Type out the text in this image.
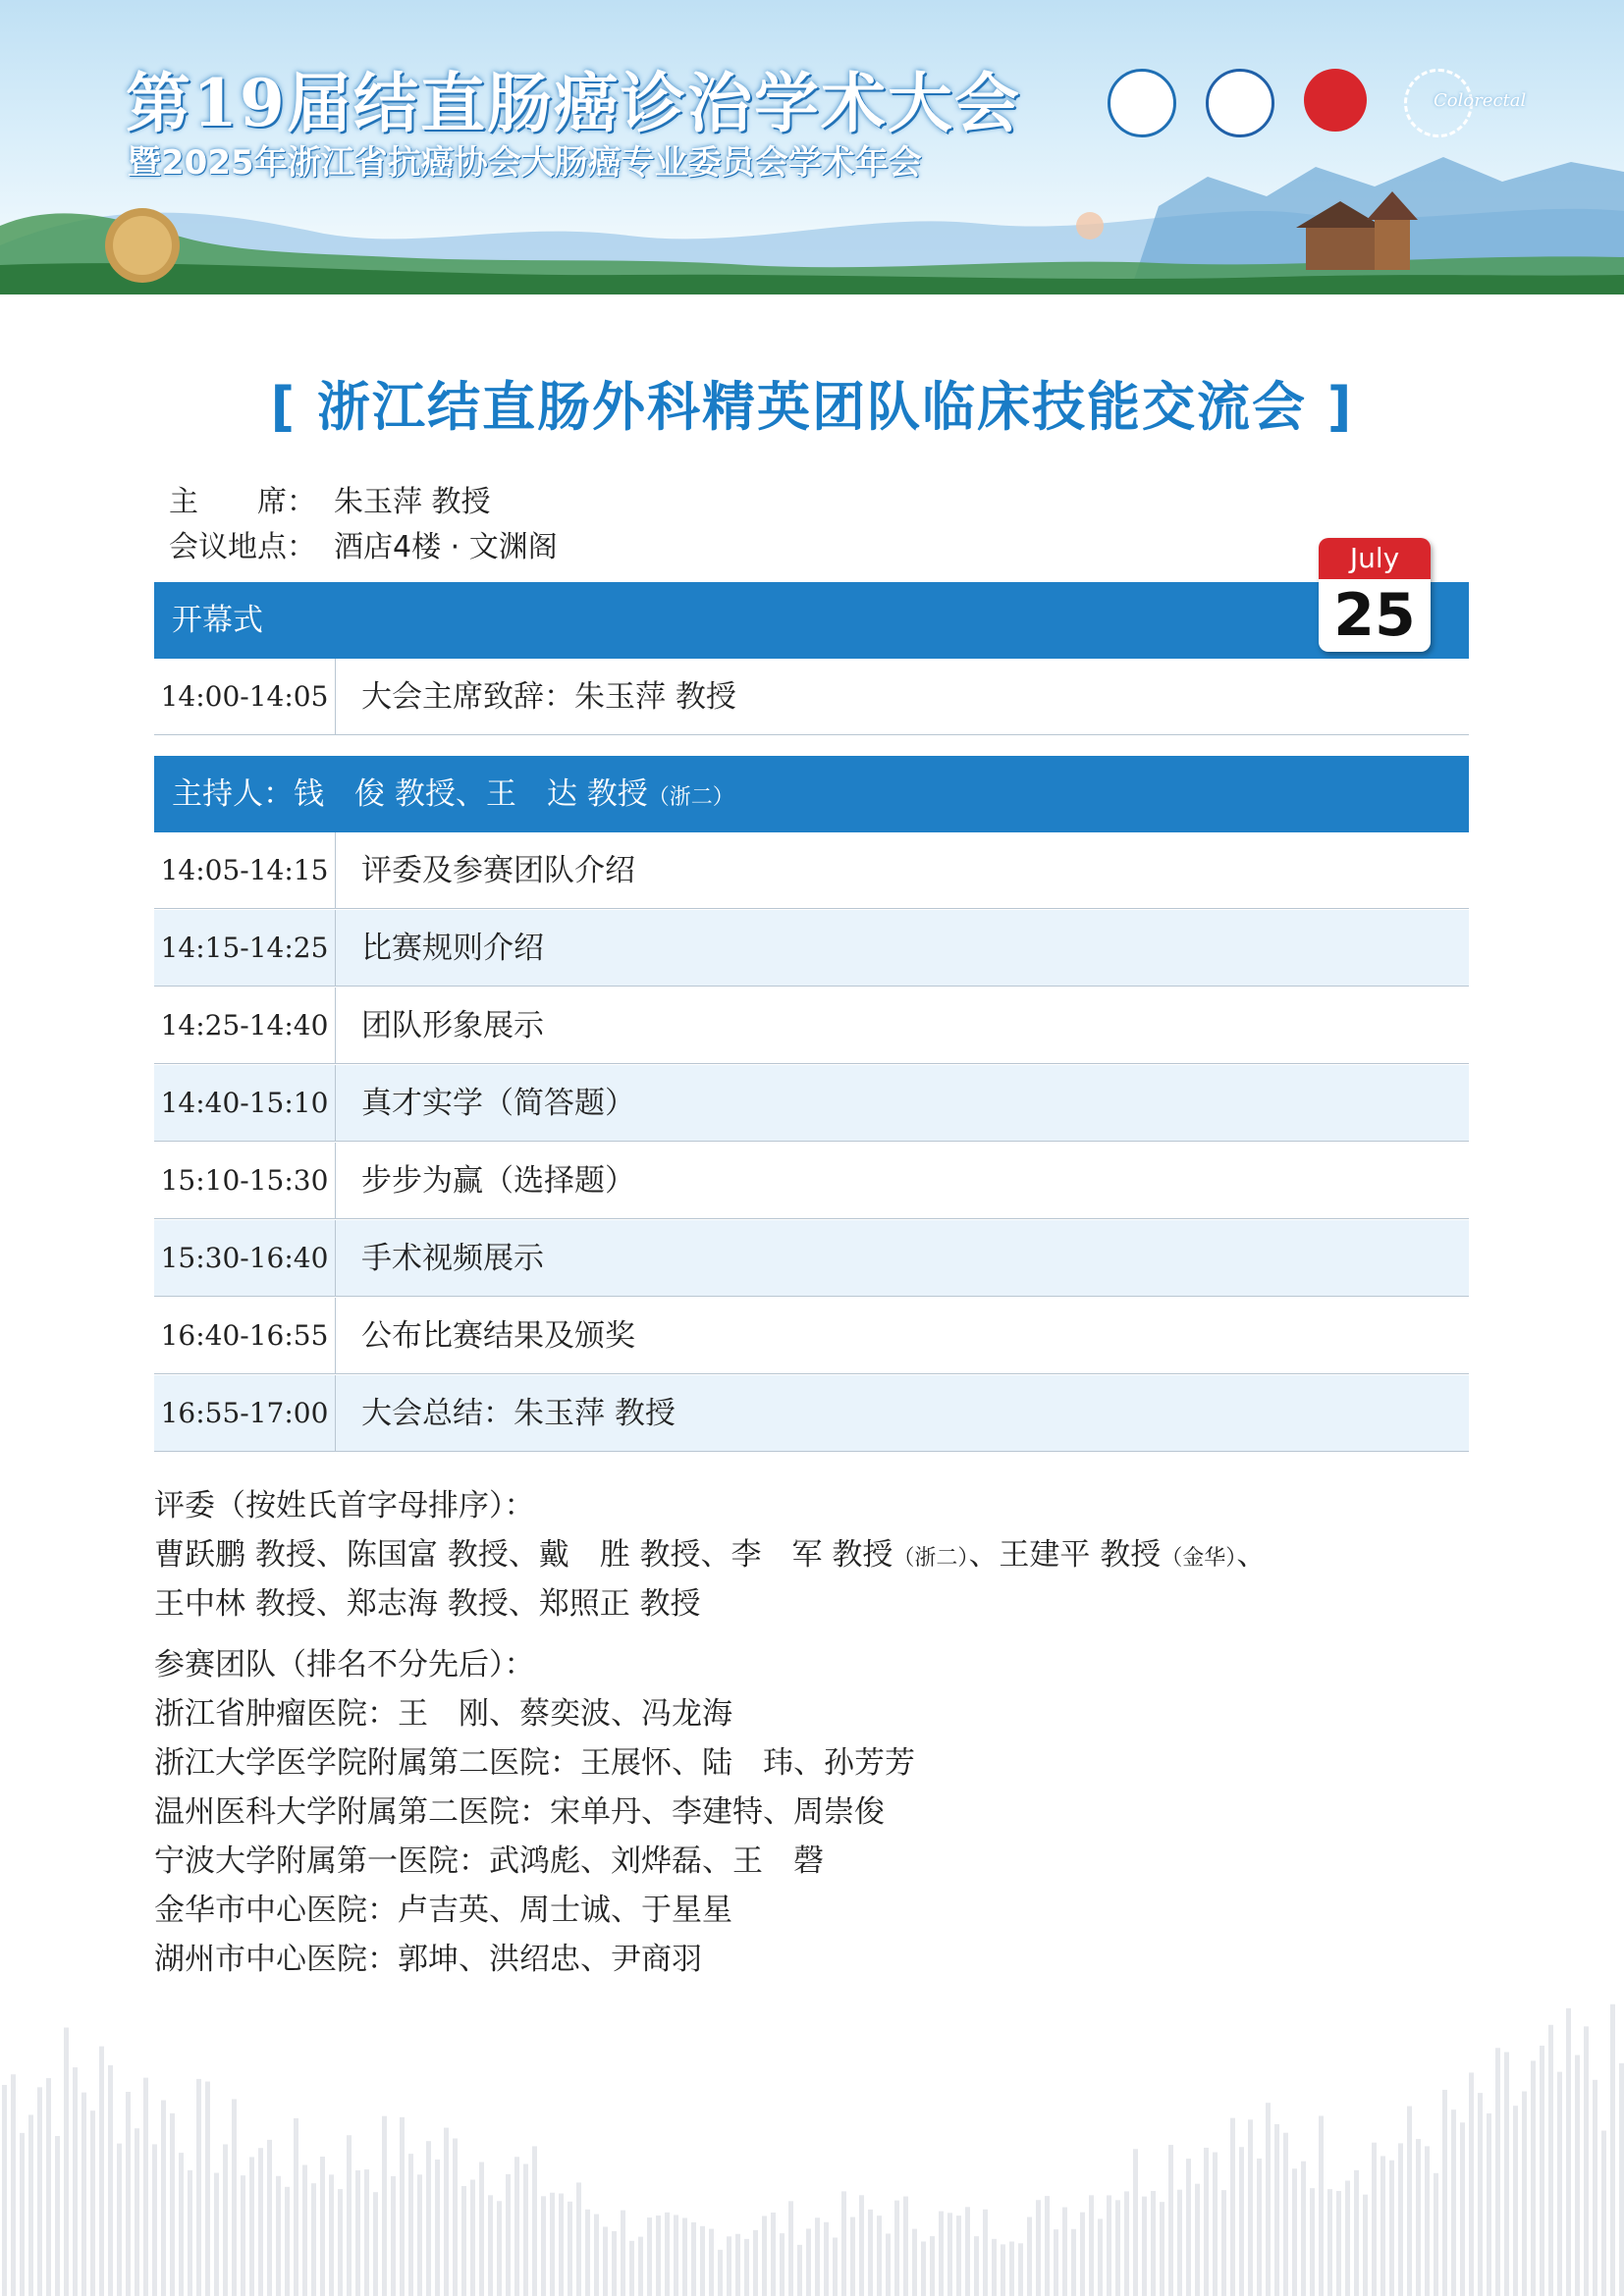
第19届结直肠癌诊治学术大会
暨2025年浙江省抗癌协会大肠癌专业委员会学术年会
Colorectal
[ 浙江结直肠外科精英团队临床技能交流会 ]
主　　席： 朱玉萍 教授
会议地点： 酒店4楼 · 文渊阁
开幕式
July
25
14:00-14:05 大会主席致辞：朱玉萍 教授
主持人：钱　俊 教授、王　达 教授（浙二）
14:05-14:15 评委及参赛团队介绍
14:15-14:25 比赛规则介绍
14:25-14:40 团队形象展示
14:40-15:10 真才实学（简答题）
15:10-15:30 步步为赢（选择题）
15:30-16:40 手术视频展示
16:40-16:55 公布比赛结果及颁奖
16:55-17:00 大会总结：朱玉萍 教授
评委（按姓氏首字母排序）：
曹跃鹏 教授、陈国富 教授、戴　胜 教授、李　军 教授（浙二）、王建平 教授（金华）、
王中林 教授、郑志海 教授、郑照正 教授
参赛团队（排名不分先后）：
浙江省肿瘤医院：王　刚、蔡奕波、冯龙海
浙江大学医学院附属第二医院：王展怀、陆　玮、孙芳芳
温州医科大学附属第二医院：宋单丹、李建特、周崇俊
宁波大学附属第一医院：武鸿彪、刘烨磊、王　磬
金华市中心医院：卢吉英、周士诚、于星星
湖州市中心医院：郭坤、洪绍忠、尹商羽
